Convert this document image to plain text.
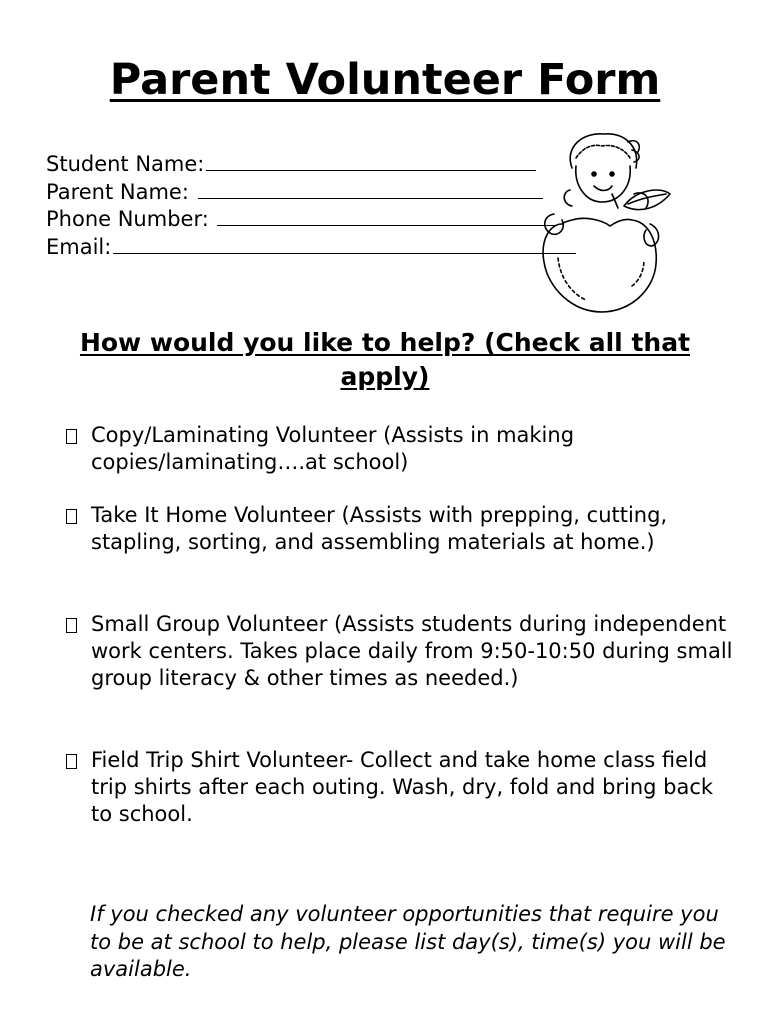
Parent Volunteer Form
Student Name:
Parent Name:
Phone Number:
Email:
How would you like to help? (Check all that apply)
Copy/Laminating Volunteer (Assists in making copies/laminating….at school)
Take It Home Volunteer (Assists with prepping, cutting, stapling, sorting, and assembling materials at home.)
Small Group Volunteer (Assists students during independent work centers. Takes place daily from 9:50-10:50 during small group literacy & other times as needed.)
Field Trip Shirt Volunteer- Collect and take home class field trip shirts after each outing. Wash, dry, fold and bring back to school.

If you checked any volunteer opportunities that require you to be at school to help, please list day(s), time(s) you will be available.
